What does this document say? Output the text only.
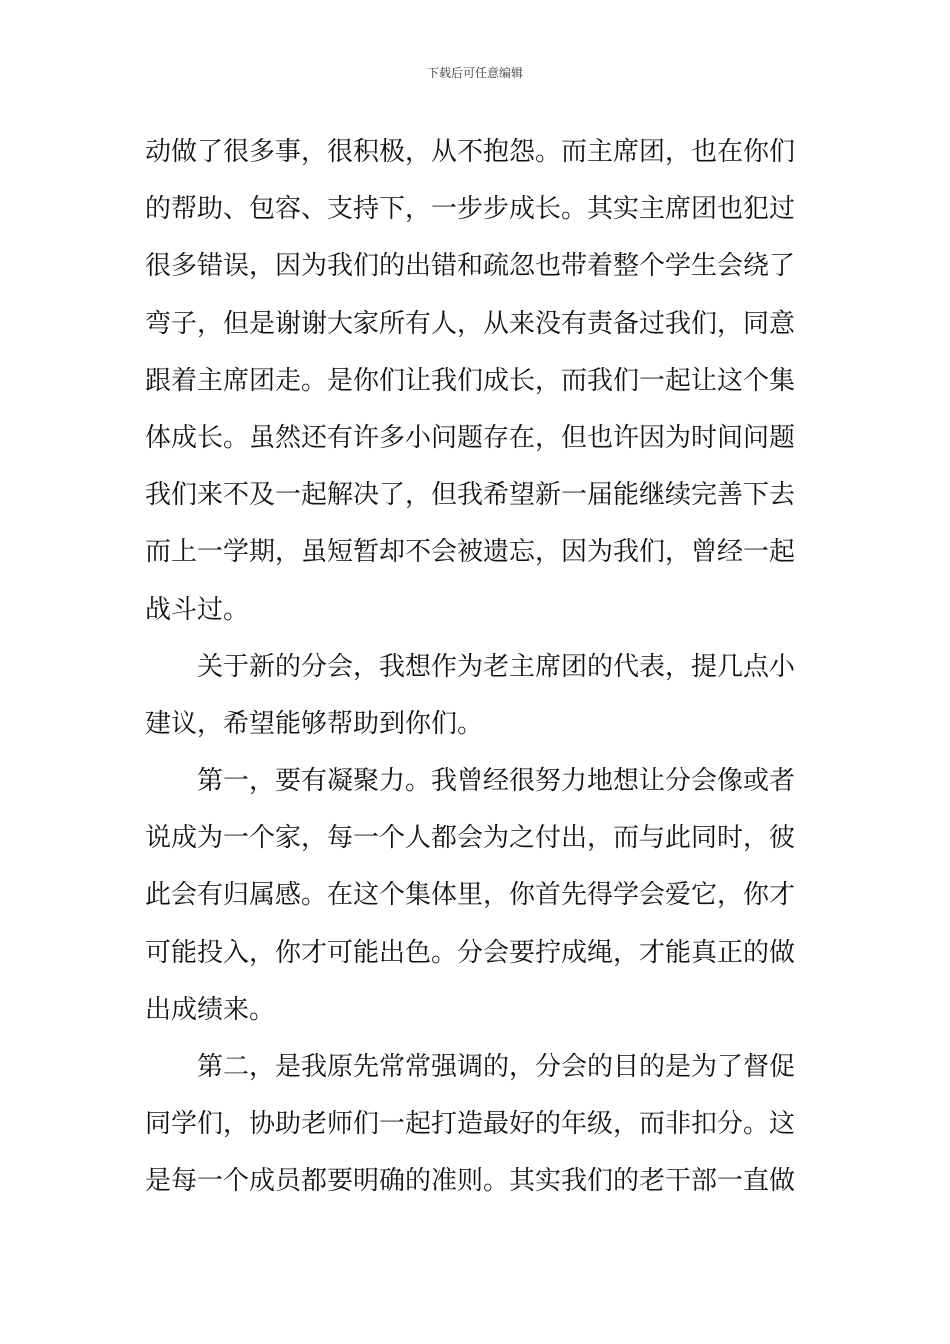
下载后可任意编辑
动做了很多事，很积极，从不抱怨。而主席团，也在你们
的帮助、包容、支持下，一步步成长。其实主席团也犯过
很多错误，因为我们的出错和疏忽也带着整个学生会绕了
弯子，但是谢谢大家所有人，从来没有责备过我们，同意
跟着主席团走。是你们让我们成长，而我们一起让这个集
体成长。虽然还有许多小问题存在，但也许因为时间问题
我们来不及一起解决了，但我希望新一届能继续完善下去
而上一学期，虽短暂却不会被遗忘，因为我们，曾经一起
战斗过。
关于新的分会，我想作为老主席团的代表，提几点小
建议，希望能够帮助到你们。
第一，要有凝聚力。我曾经很努力地想让分会像或者
说成为一个家，每一个人都会为之付出，而与此同时，彼
此会有归属感。在这个集体里，你首先得学会爱它，你才
可能投入，你才可能出色。分会要拧成绳，才能真正的做
出成绩来。
第二，是我原先常常强调的，分会的目的是为了督促
同学们，协助老师们一起打造最好的年级，而非扣分。这
是每一个成员都要明确的准则。其实我们的老干部一直做
